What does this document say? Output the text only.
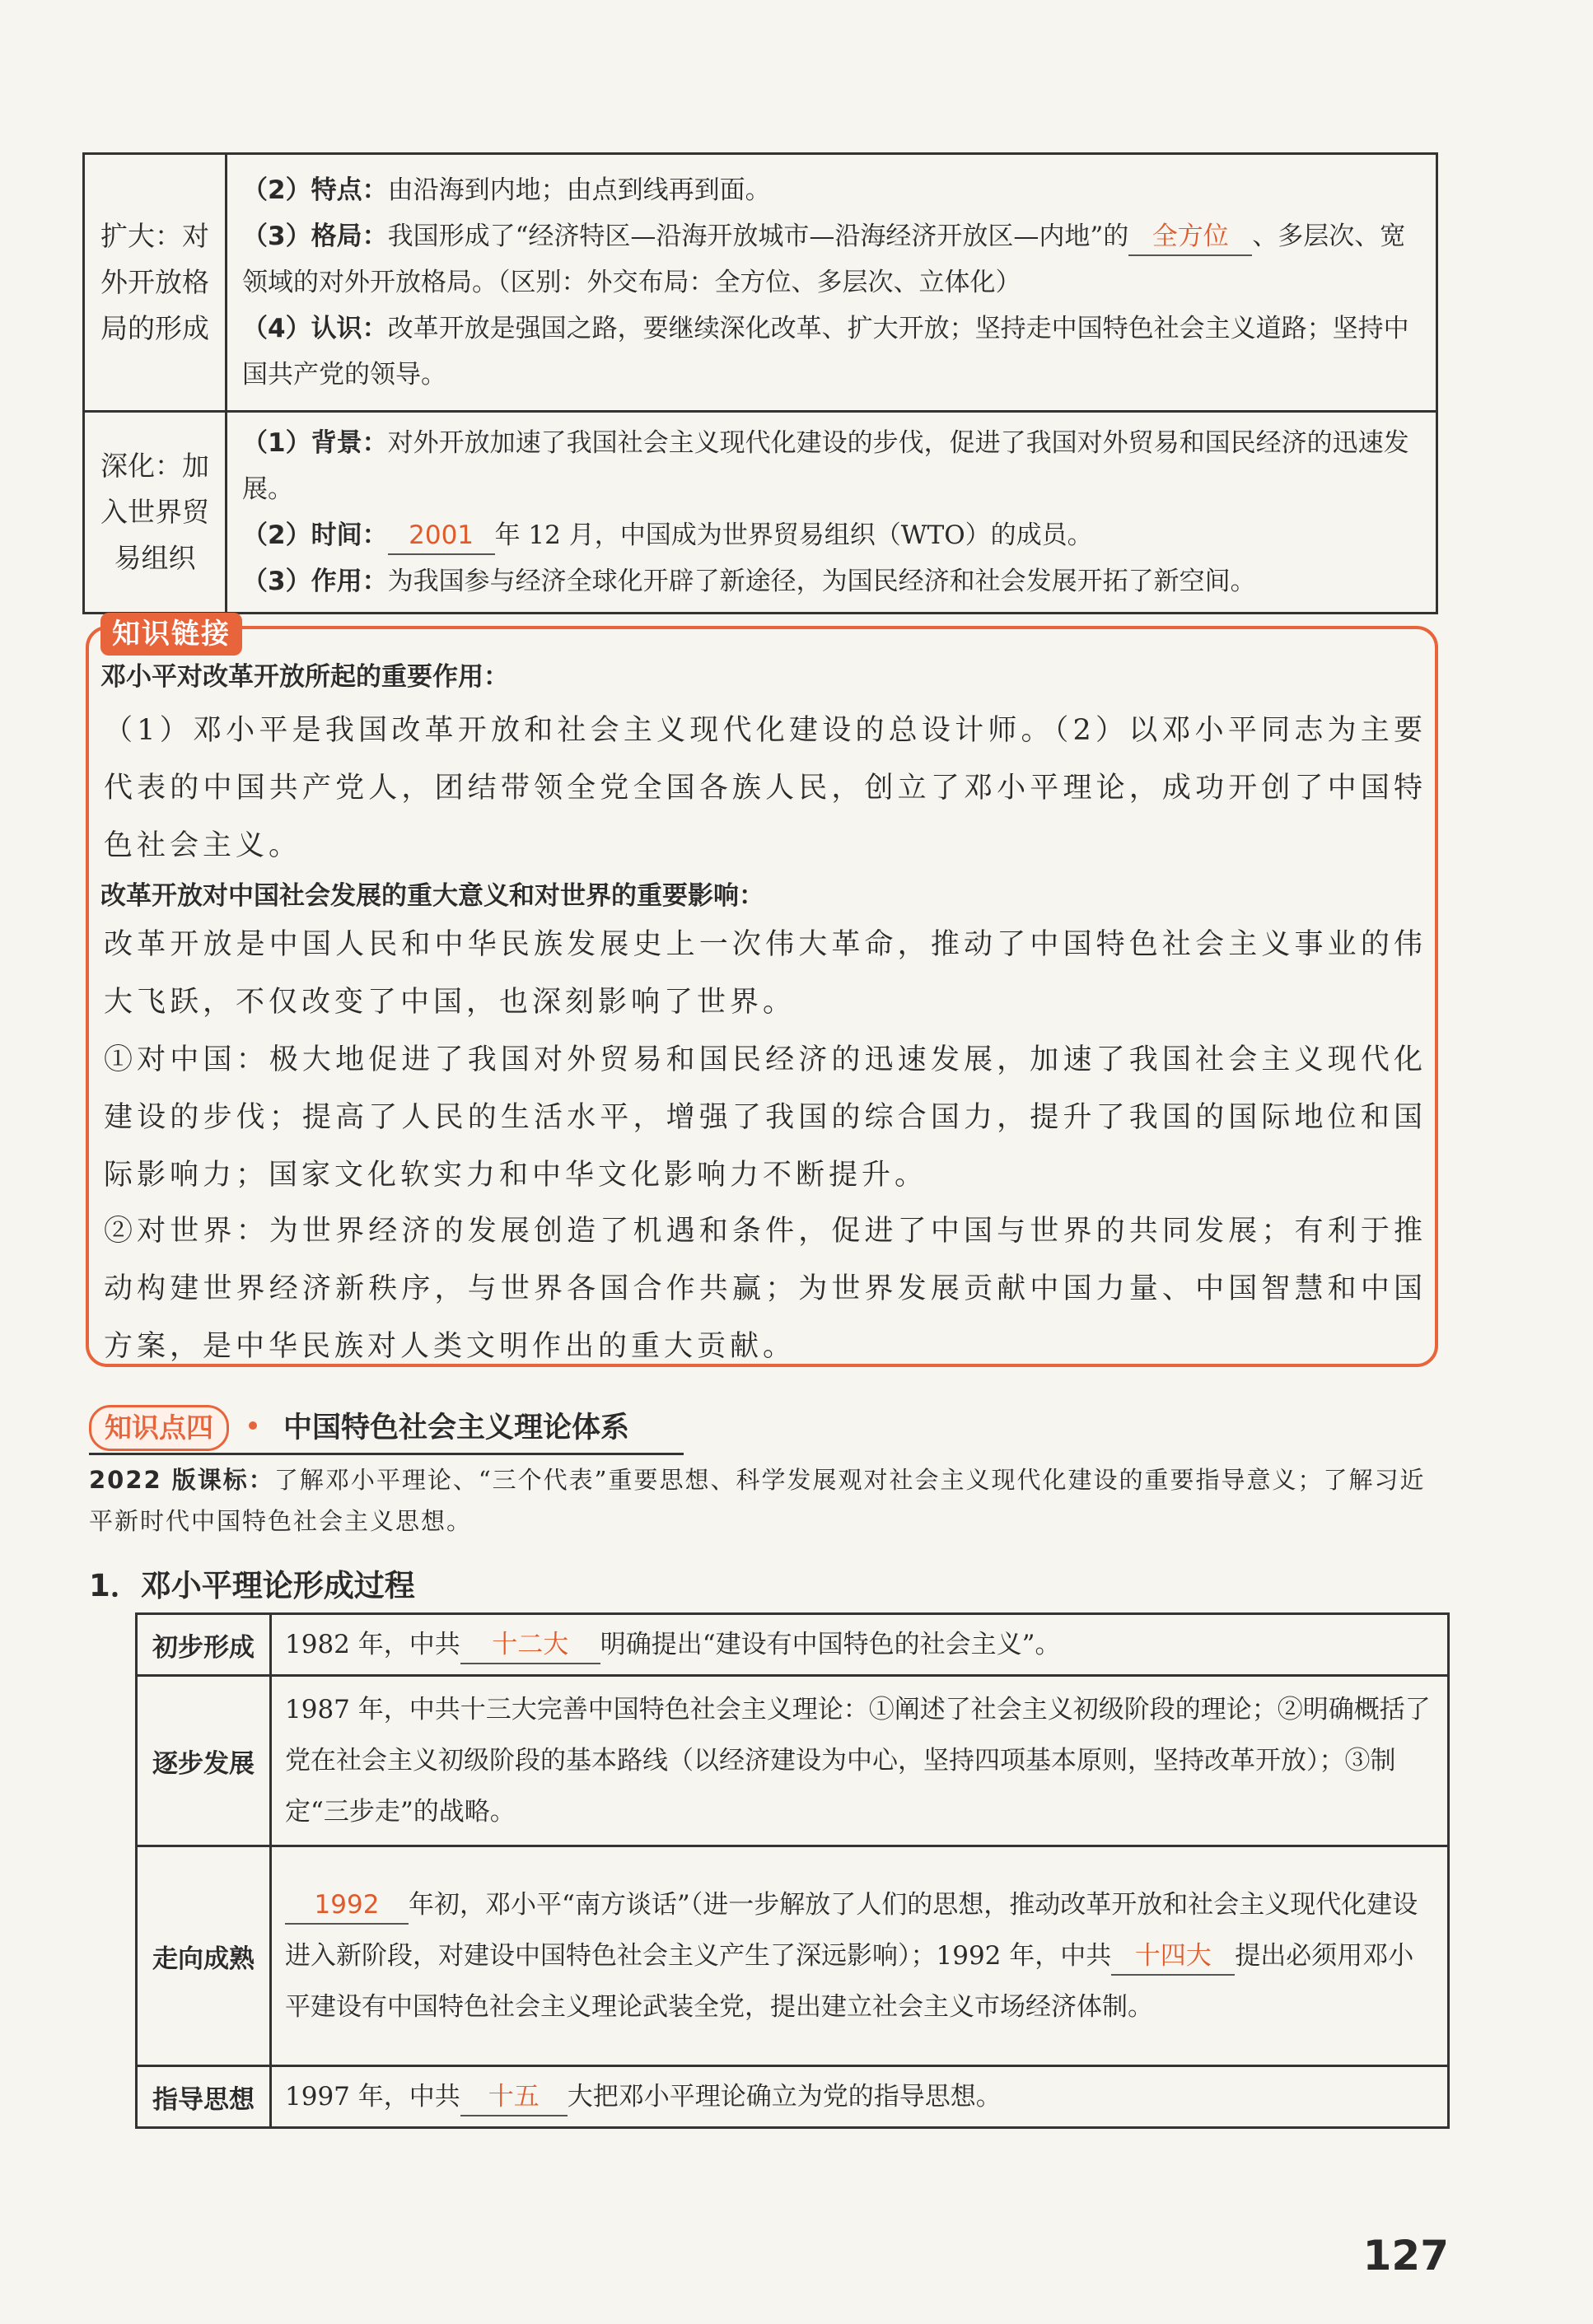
扩大：对外开放格局的形成	（2）特点：由沿海到内地；由点到线再到面。
（3）格局：我国形成了“经济特区—沿海开放城市—沿海经济开放区—内地”的 全方位 、多层次、宽领域的对外开放格局。（区别：外交布局：全方位、多层次、立体化）
（4）认识：改革开放是强国之路，要继续深化改革、扩大开放；坚持走中国特色社会主义道路；坚持中国共产党的领导。

深化：加入世界贸易组织	（1）背景：对外开放加速了我国社会主义现代化建设的步伐，促进了我国对外贸易和国民经济的迅速发展。
（2）时间： 2001 年 12 月，中国成为世界贸易组织（WTO）的成员。
（3）作用：为我国参与经济全球化开辟了新途径，为国民经济和社会发展开拓了新空间。
知识链接
邓小平对改革开放所起的重要作用：
（1）邓小平是我国改革开放和社会主义现代化建设的总设计师。（2）以邓小平同志为主要代表的中国共产党人，团结带领全党全国各族人民，创立了邓小平理论，成功开创了中国特色社会主义。
改革开放对中国社会发展的重大意义和对世界的重要影响：
改革开放是中国人民和中华民族发展史上一次伟大革命，推动了中国特色社会主义事业的伟大飞跃，不仅改变了中国，也深刻影响了世界。
①对中国：极大地促进了我国对外贸易和国民经济的迅速发展，加速了我国社会主义现代化建设的步伐；提高了人民的生活水平，增强了我国的综合国力，提升了我国的国际地位和国际影响力；国家文化软实力和中华文化影响力不断提升。
②对世界：为世界经济的发展创造了机遇和条件，促进了中国与世界的共同发展；有利于推动构建世界经济新秩序，与世界各国合作共赢；为世界发展贡献中国力量、中国智慧和中国方案，是中华民族对人类文明作出的重大贡献。
知识点四	中国特色社会主义理论体系
2022 版课标：了解邓小平理论、“三个代表”重要思想、科学发展观对社会主义现代化建设的重要指导意义；了解习近平新时代中国特色社会主义思想。
1．邓小平理论形成过程
初步形成	1982 年，中共 十二大 明确提出“建设有中国特色的社会主义”。
逐步发展	1987 年，中共十三大完善中国特色社会主义理论：①阐述了社会主义初级阶段的理论；②明确概括了党在社会主义初级阶段的基本路线（以经济建设为中心，坚持四项基本原则，坚持改革开放）；③制定“三步走”的战略。
走向成熟	1992 年初，邓小平“南方谈话”（进一步解放了人们的思想，推动改革开放和社会主义现代化建设进入新阶段，对建设中国特色社会主义产生了深远影响）；1992 年，中共 十四大 提出必须用邓小平建设有中国特色社会主义理论武装全党，提出建立社会主义市场经济体制。
指导思想	1997 年，中共 十五 大把邓小平理论确立为党的指导思想。
127
